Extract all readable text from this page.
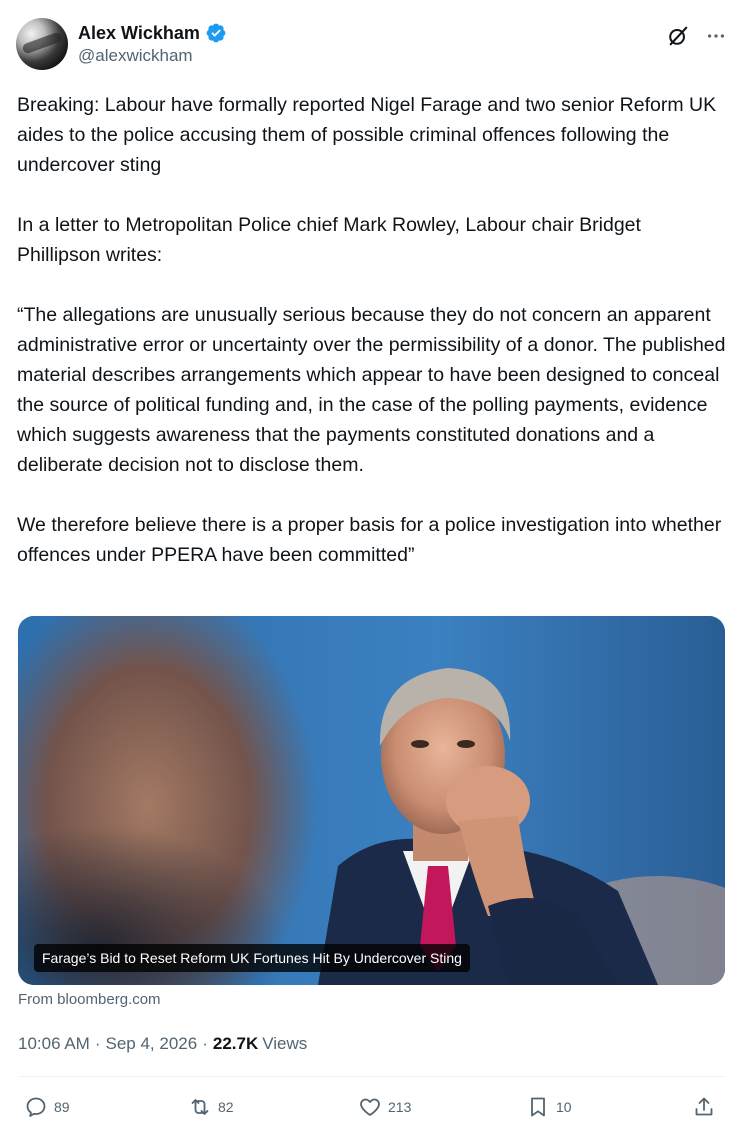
Alex Wickham
@alexwickham

Breaking: Labour have formally reported Nigel Farage and two senior Reform UK aides to the police accusing them of possible criminal offences following the undercover sting

In a letter to Metropolitan Police chief Mark Rowley, Labour chair Bridget Phillipson writes:

“The allegations are unusually serious because they do not concern an apparent administrative error or uncertainty over the permissibility of a donor. The published material describes arrangements which appear to have been designed to conceal the source of political funding and, in the case of the polling payments, evidence which suggests awareness that the payments constituted donations and a deliberate decision not to disclose them.

We therefore believe there is a proper basis for a police investigation into whether offences under PPERA have been committed”

Farage’s Bid to Reset Reform UK Fortunes Hit By Undercover Sting
From bloomberg.com
10:06 AM · Sep 4, 2026 · 22.7K Views
89	82	213	10
